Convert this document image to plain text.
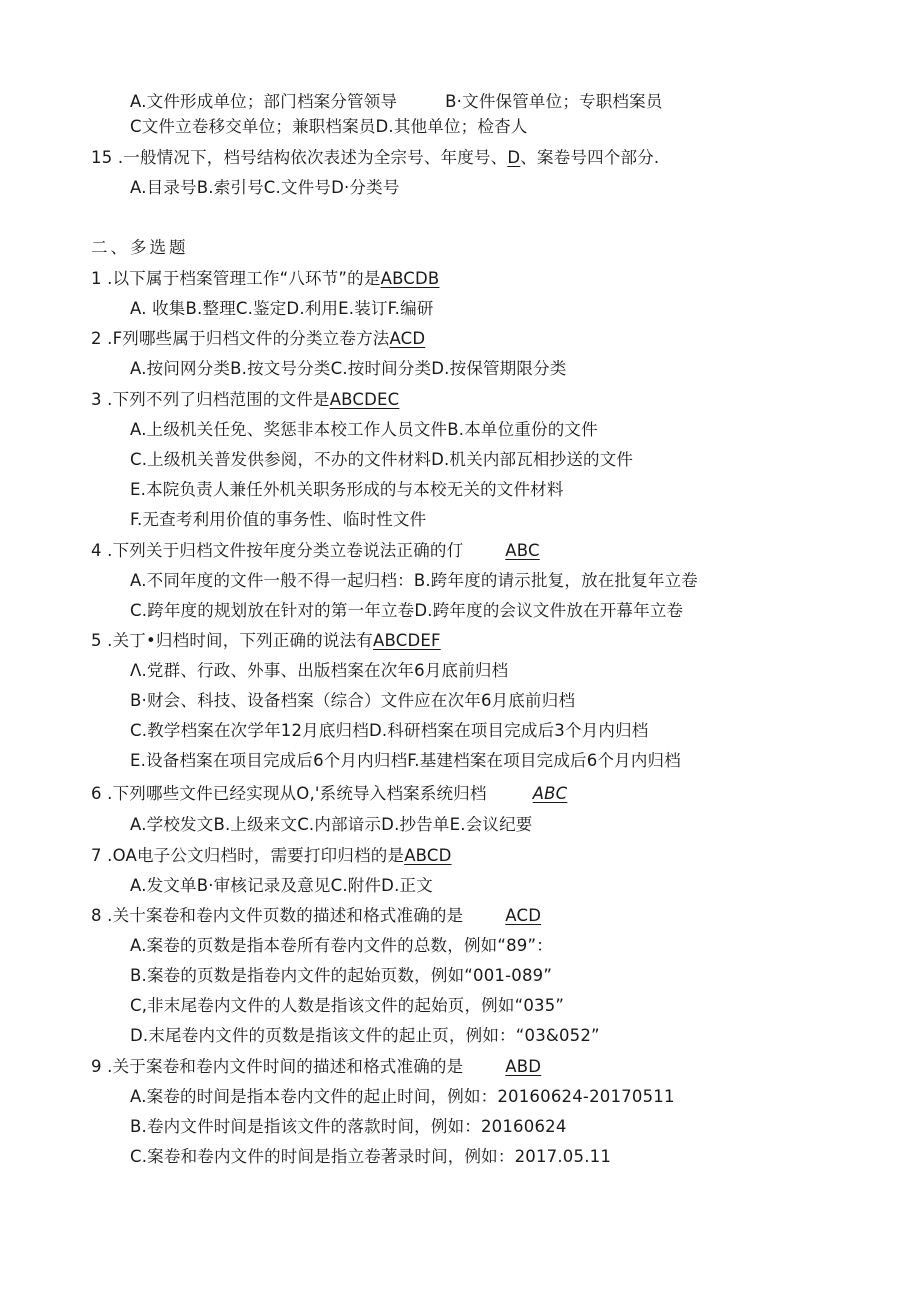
A.文件形成单位；部门档案分管领导	B·文件保管单位；专职档案员
C文件立卷移交单位；兼职档案员D.其他单位；检杳人
15 .一般情况下，档号结构依次表述为全宗号、年度号、D、案卷号四个部分.
A.目录号B.索引号C.文件号D·分类号
二、多选题
1 .以下属于档案管理工作“八环节”的是ABCDB
A. 收集B.整理C.鉴定D.利用E.装订F.编研
2 .F列哪些属于归档文件的分类立卷方法ACD
A.按问网分类B.按文号分类C.按时间分类D.按保管期限分类
3 .下列不列了归档范围的文件是ABCDEC
A.上级机关任免、奖惩非本校工作人员文件B.本单位重份的文件
C.上级机关普发供参阅，不办的文件材料D.机关内部瓦相抄送的文件
E.本院负责人兼任外机关职务形成的与本校无关的文件材料
F.无查考利用价值的事务性、临时性文件
4 .下列关于归档文件按年度分类立卷说法正确的仃	ABC
A.不同年度的文件一般不得一起归档：B.跨年度的请示批复，放在批复年立卷
C.跨年度的规划放在针对的第一年立卷D.跨年度的会议文件放在开幕年立卷
5 .关丁•归档时间，下列正确的说法有ABCDEF
Λ.党群、行政、外事、出版档案在次年6月底前归档
B·财会、科技、设备档案（综合）文件应在次年6月底前归档
C.教学档案在次学年12月底归档D.科研档案在项目完成后3个月内归档
E.设备档案在项目完成后6个月内归档F.基建档案在项目完成后6个月内归档
6 .下列哪些文件已经实现从O,'系统导入档案系统归档	ABC
A.学校发文B.上级来文C.内部谙示D.抄告单E.会议纪要
7 .OA电子公文归档时，需要打印归档的是ABCD
A.发文单B·审核记录及意见C.附件D.正文
8 .关十案卷和卷内文件页数的描述和格式准确的是	ACD
A.案卷的页数是指本卷所有卷内文件的总数，例如“89”：
B.案卷的页数是指卷内文件的起始页数，例如“001-089”
C,非末尾卷内文件的人数是指该文件的起始页，例如“035”
D.末尾卷内文件的页数是指该文件的起止页，例如：“03&052”
9 .关于案卷和卷内文件时间的描述和格式准确的是	ABD
A.案卷的时间是指本卷内文件的起止时间，例如：20160624-20170511
B.卷内文件时间是指该文件的落款时间，例如：20160624
C.案卷和卷内文件的时间是指立卷著录时间，例如：2017.05.11
